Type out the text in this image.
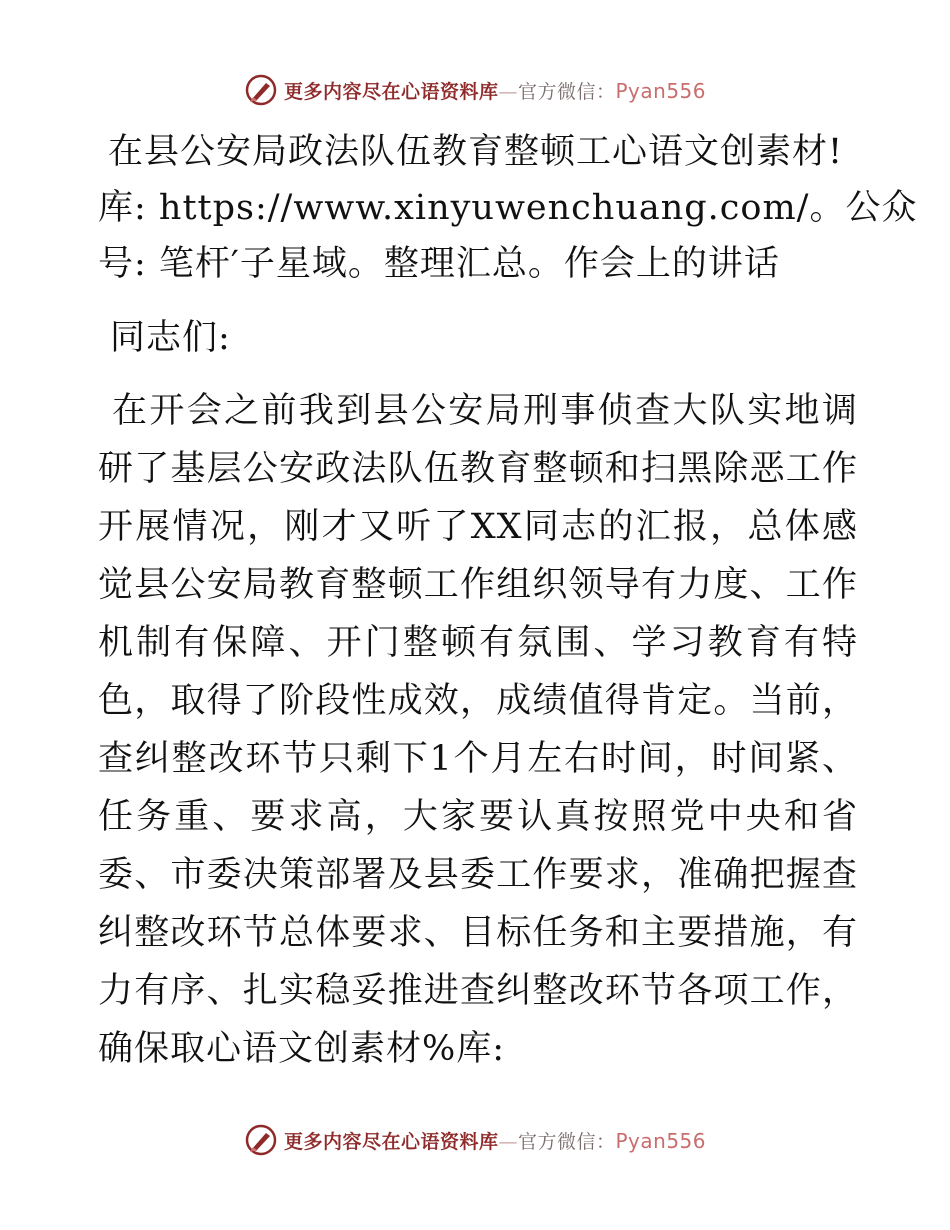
更多内容尽在心语资料库—官方微信：Pyan556
在县公安局政法队伍教育整顿工心语文创素材!
库: https://www.xinyuwenchuang.com/。公众
号: 笔杆′子星域。整理汇总。作会上的讲话
同志们:
在开会之前我到县公安局刑事侦查大队实地调研了基层公安政法队伍教育整顿和扫黑除恶工作开展情况，刚才又听了XX同志的汇报，总体感觉县公安局教育整顿工作组织领导有力度、工作机制有保障、开门整顿有氛围、学习教育有特色，取得了阶段性成效，成绩值得肯定。当前，查纠整改环节只剩下1个月左右时间，时间紧、任务重、要求高，大家要认真按照党中央和省委、市委决策部署及县委工作要求，准确把握查纠整改环节总体要求、目标任务和主要措施，有力有序、扎实稳妥推进查纠整改环节各项工作，确保取心语文创素材%库:
更多内容尽在心语资料库—官方微信：Pyan556
